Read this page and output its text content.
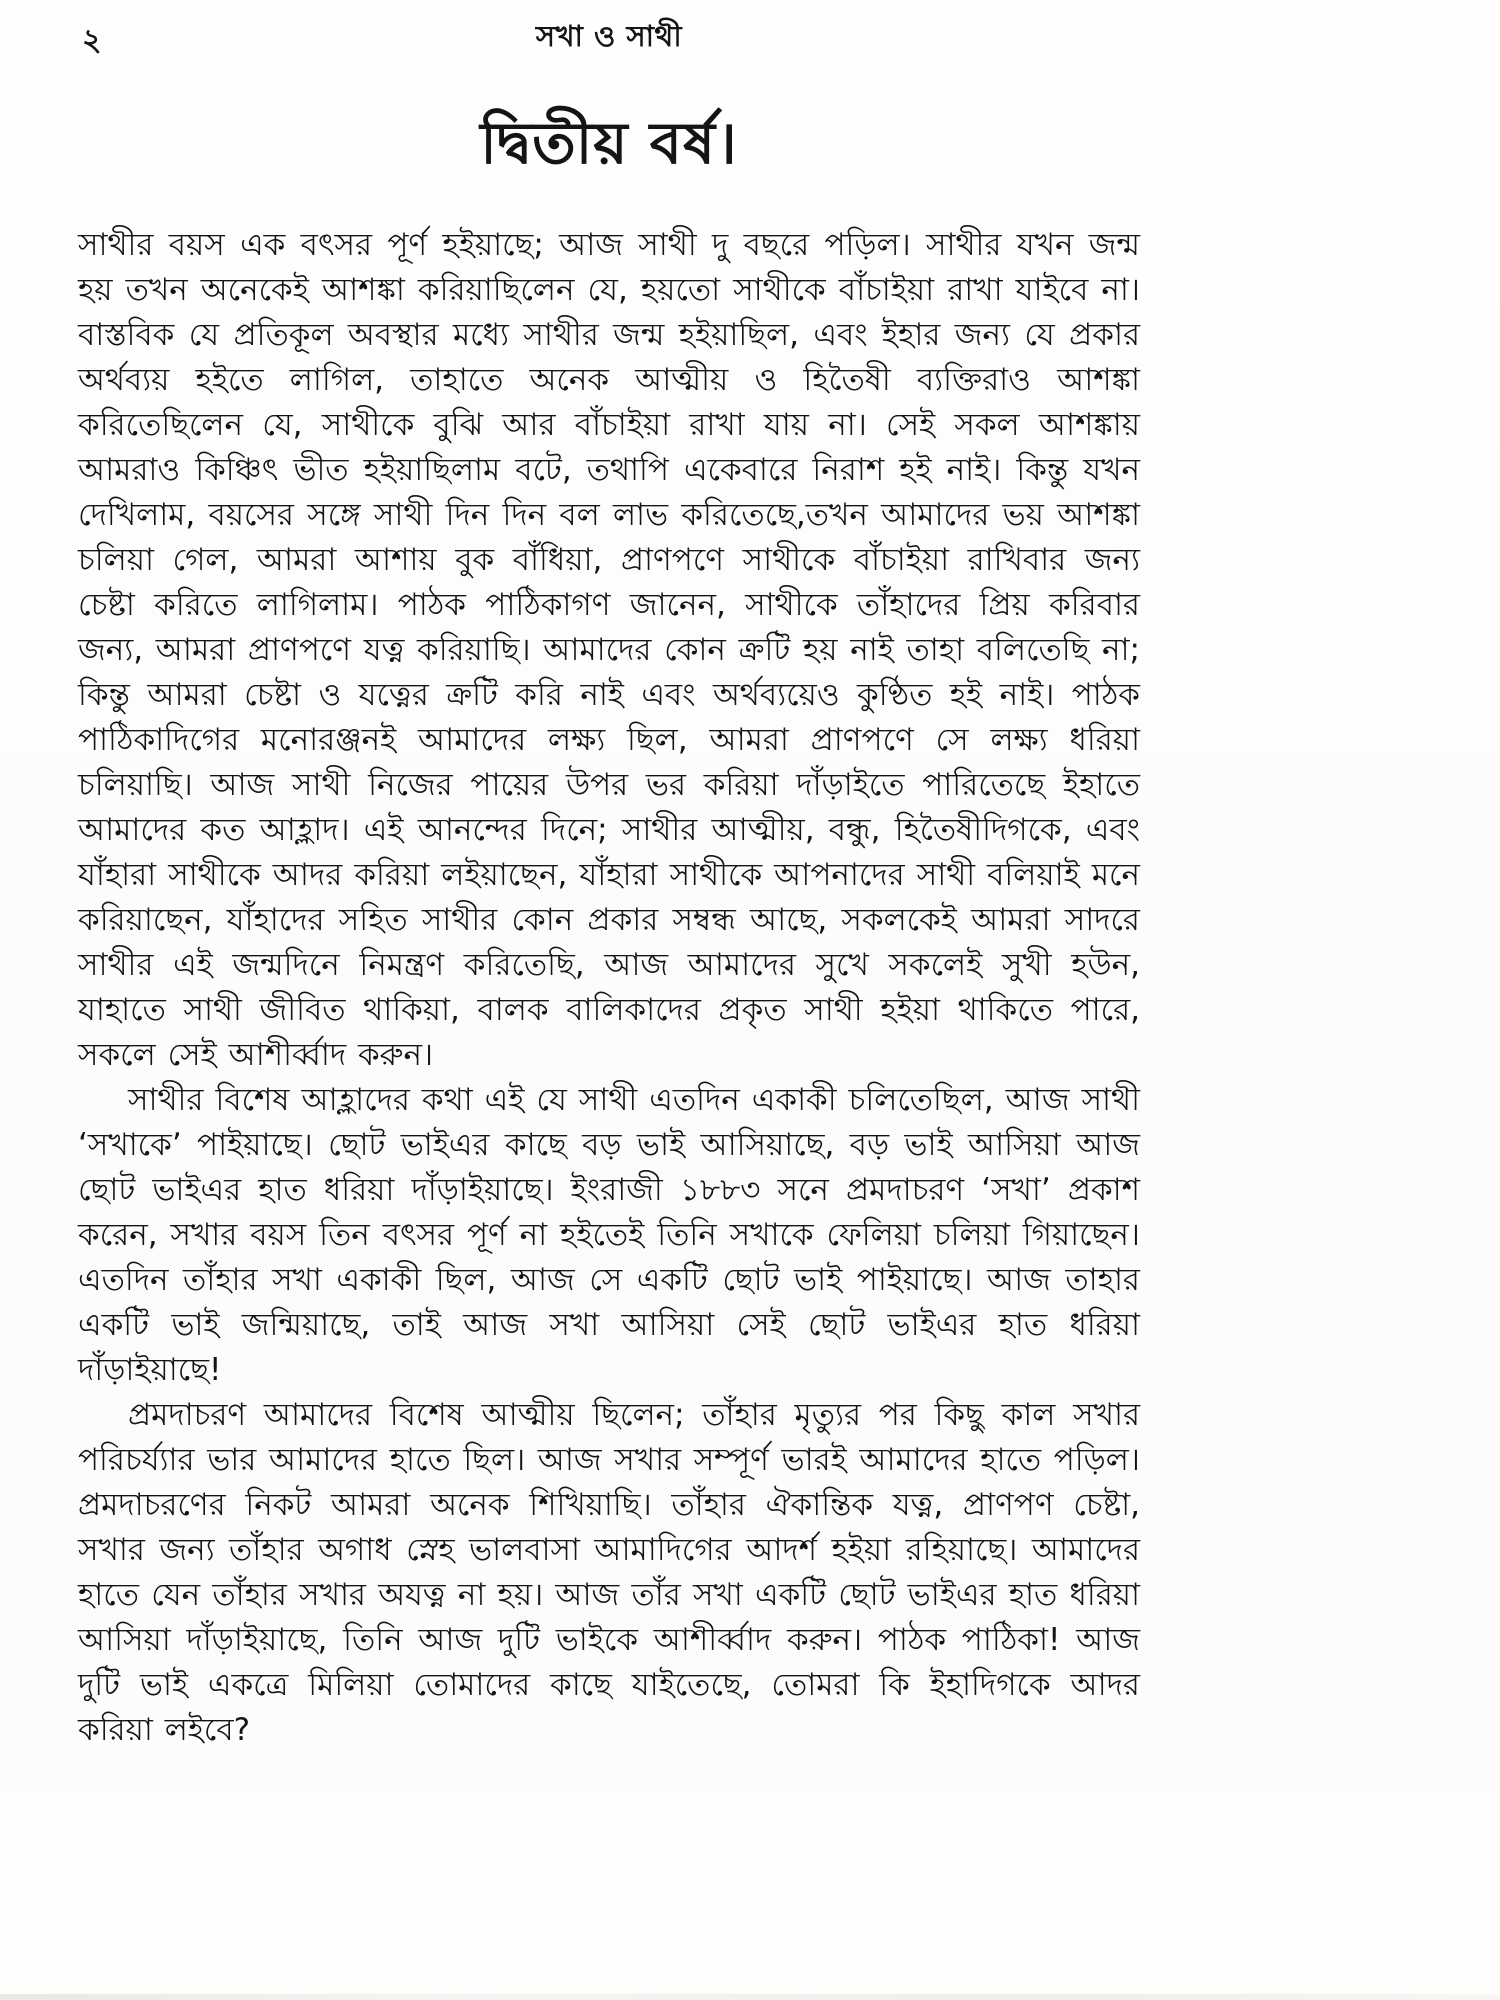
২	সখা ও সাথী
দ্বিতীয় বর্ষ।

সাথীর বয়স এক বৎসর পূর্ণ হইয়াছে; আজ সাথী দু বছরে পড়িল। সাথীর যখন জন্ম হয় তখন অনেকেই আশঙ্কা করিয়াছিলেন যে, হয়তো সাথীকে বাঁচাইয়া রাখা যাইবে না। বাস্তবিক যে প্রতিকূল অবস্থার মধ্যে সাথীর জন্ম হইয়াছিল, এবং ইহার জন্য যে প্রকার অর্থব্যয় হইতে লাগিল, তাহাতে অনেক আত্মীয় ও হিতৈষী ব্যক্তিরাও আশঙ্কা করিতেছিলেন যে, সাথীকে বুঝি আর বাঁচাইয়া রাখা যায় না। সেই সকল আশঙ্কায় আমরাও কিঞ্চিৎ ভীত হইয়াছিলাম বটে, তথাপি একেবারে নিরাশ হই নাই। কিন্তু যখন দেখিলাম, বয়সের সঙ্গে সাথী দিন দিন বল লাভ করিতেছে,তখন আমাদের ভয় আশঙ্কা চলিয়া গেল, আমরা আশায় বুক বাঁধিয়া, প্রাণপণে সাথীকে বাঁচাইয়া রাখিবার জন্য চেষ্টা করিতে লাগিলাম। পাঠক পাঠিকাগণ জানেন, সাথীকে তাঁহাদের প্রিয় করিবার জন্য, আমরা প্রাণপণে যত্ন করিয়াছি। আমাদের কোন ক্রটি হয় নাই তাহা বলিতেছি না; কিন্তু আমরা চেষ্টা ও যত্নের ক্রটি করি নাই এবং অর্থব্যয়েও কুণ্ঠিত হই নাই। পাঠক পাঠিকাদিগের মনোরঞ্জনই আমাদের লক্ষ্য ছিল, আমরা প্রাণপণে সে লক্ষ্য ধরিয়া চলিয়াছি। আজ সাথী নিজের পায়ের উপর ভর করিয়া দাঁড়াইতে পারিতেছে ইহাতে আমাদের কত আহ্লাদ। এই আনন্দের দিনে; সাথীর আত্মীয়, বন্ধু, হিতৈষীদিগকে, এবং যাঁহারা সাথীকে আদর করিয়া লইয়াছেন, যাঁহারা সাথীকে আপনাদের সাথী বলিয়াই মনে করিয়াছেন, যাঁহাদের সহিত সাথীর কোন প্রকার সম্বন্ধ আছে, সকলকেই আমরা সাদরে সাথীর এই জন্মদিনে নিমন্ত্রণ করিতেছি, আজ আমাদের সুখে সকলেই সুখী হউন, যাহাতে সাথী জীবিত থাকিয়া, বালক বালিকাদের প্রকৃত সাথী হইয়া থাকিতে পারে, সকলে সেই আশীর্ব্বাদ করুন।

সাথীর বিশেষ আহ্লাদের কথা এই যে সাথী এতদিন একাকী চলিতেছিল, আজ সাথী ‘সখাকে’ পাইয়াছে। ছোট ভাইএর কাছে বড় ভাই আসিয়াছে, বড় ভাই আসিয়া আজ ছোট ভাইএর হাত ধরিয়া দাঁড়াইয়াছে। ইংরাজী ১৮৮৩ সনে প্রমদাচরণ ‘সখা’ প্রকাশ করেন, সখার বয়স তিন বৎসর পূর্ণ না হইতেই তিনি সখাকে ফেলিয়া চলিয়া গিয়াছেন। এতদিন তাঁহার সখা একাকী ছিল, আজ সে একটি ছোট ভাই পাইয়াছে। আজ তাহার একটি ভাই জন্মিয়াছে, তাই আজ সখা আসিয়া সেই ছোট ভাইএর হাত ধরিয়া দাঁড়াইয়াছে!

প্রমদাচরণ আমাদের বিশেষ আত্মীয় ছিলেন; তাঁহার মৃত্যুর পর কিছু কাল সখার পরিচর্য্যার ভার আমাদের হাতে ছিল। আজ সখার সম্পূর্ণ ভারই আমাদের হাতে পড়িল। প্রমদাচরণের নিকট আমরা অনেক শিখিয়াছি। তাঁহার ঐকান্তিক যত্ন, প্রাণপণ চেষ্টা, সখার জন্য তাঁহার অগাধ স্নেহ ভালবাসা আমাদিগের আদর্শ হইয়া রহিয়াছে। আমাদের হাতে যেন তাঁহার সখার অযত্ন না হয়। আজ তাঁর সখা একটি ছোট ভাইএর হাত ধরিয়া আসিয়া দাঁড়াইয়াছে, তিনি আজ দুটি ভাইকে আশীর্ব্বাদ করুন। পাঠক পাঠিকা! আজ দুটি ভাই একত্রে মিলিয়া তোমাদের কাছে যাইতেছে, তোমরা কি ইহাদিগকে আদর করিয়া লইবে?
